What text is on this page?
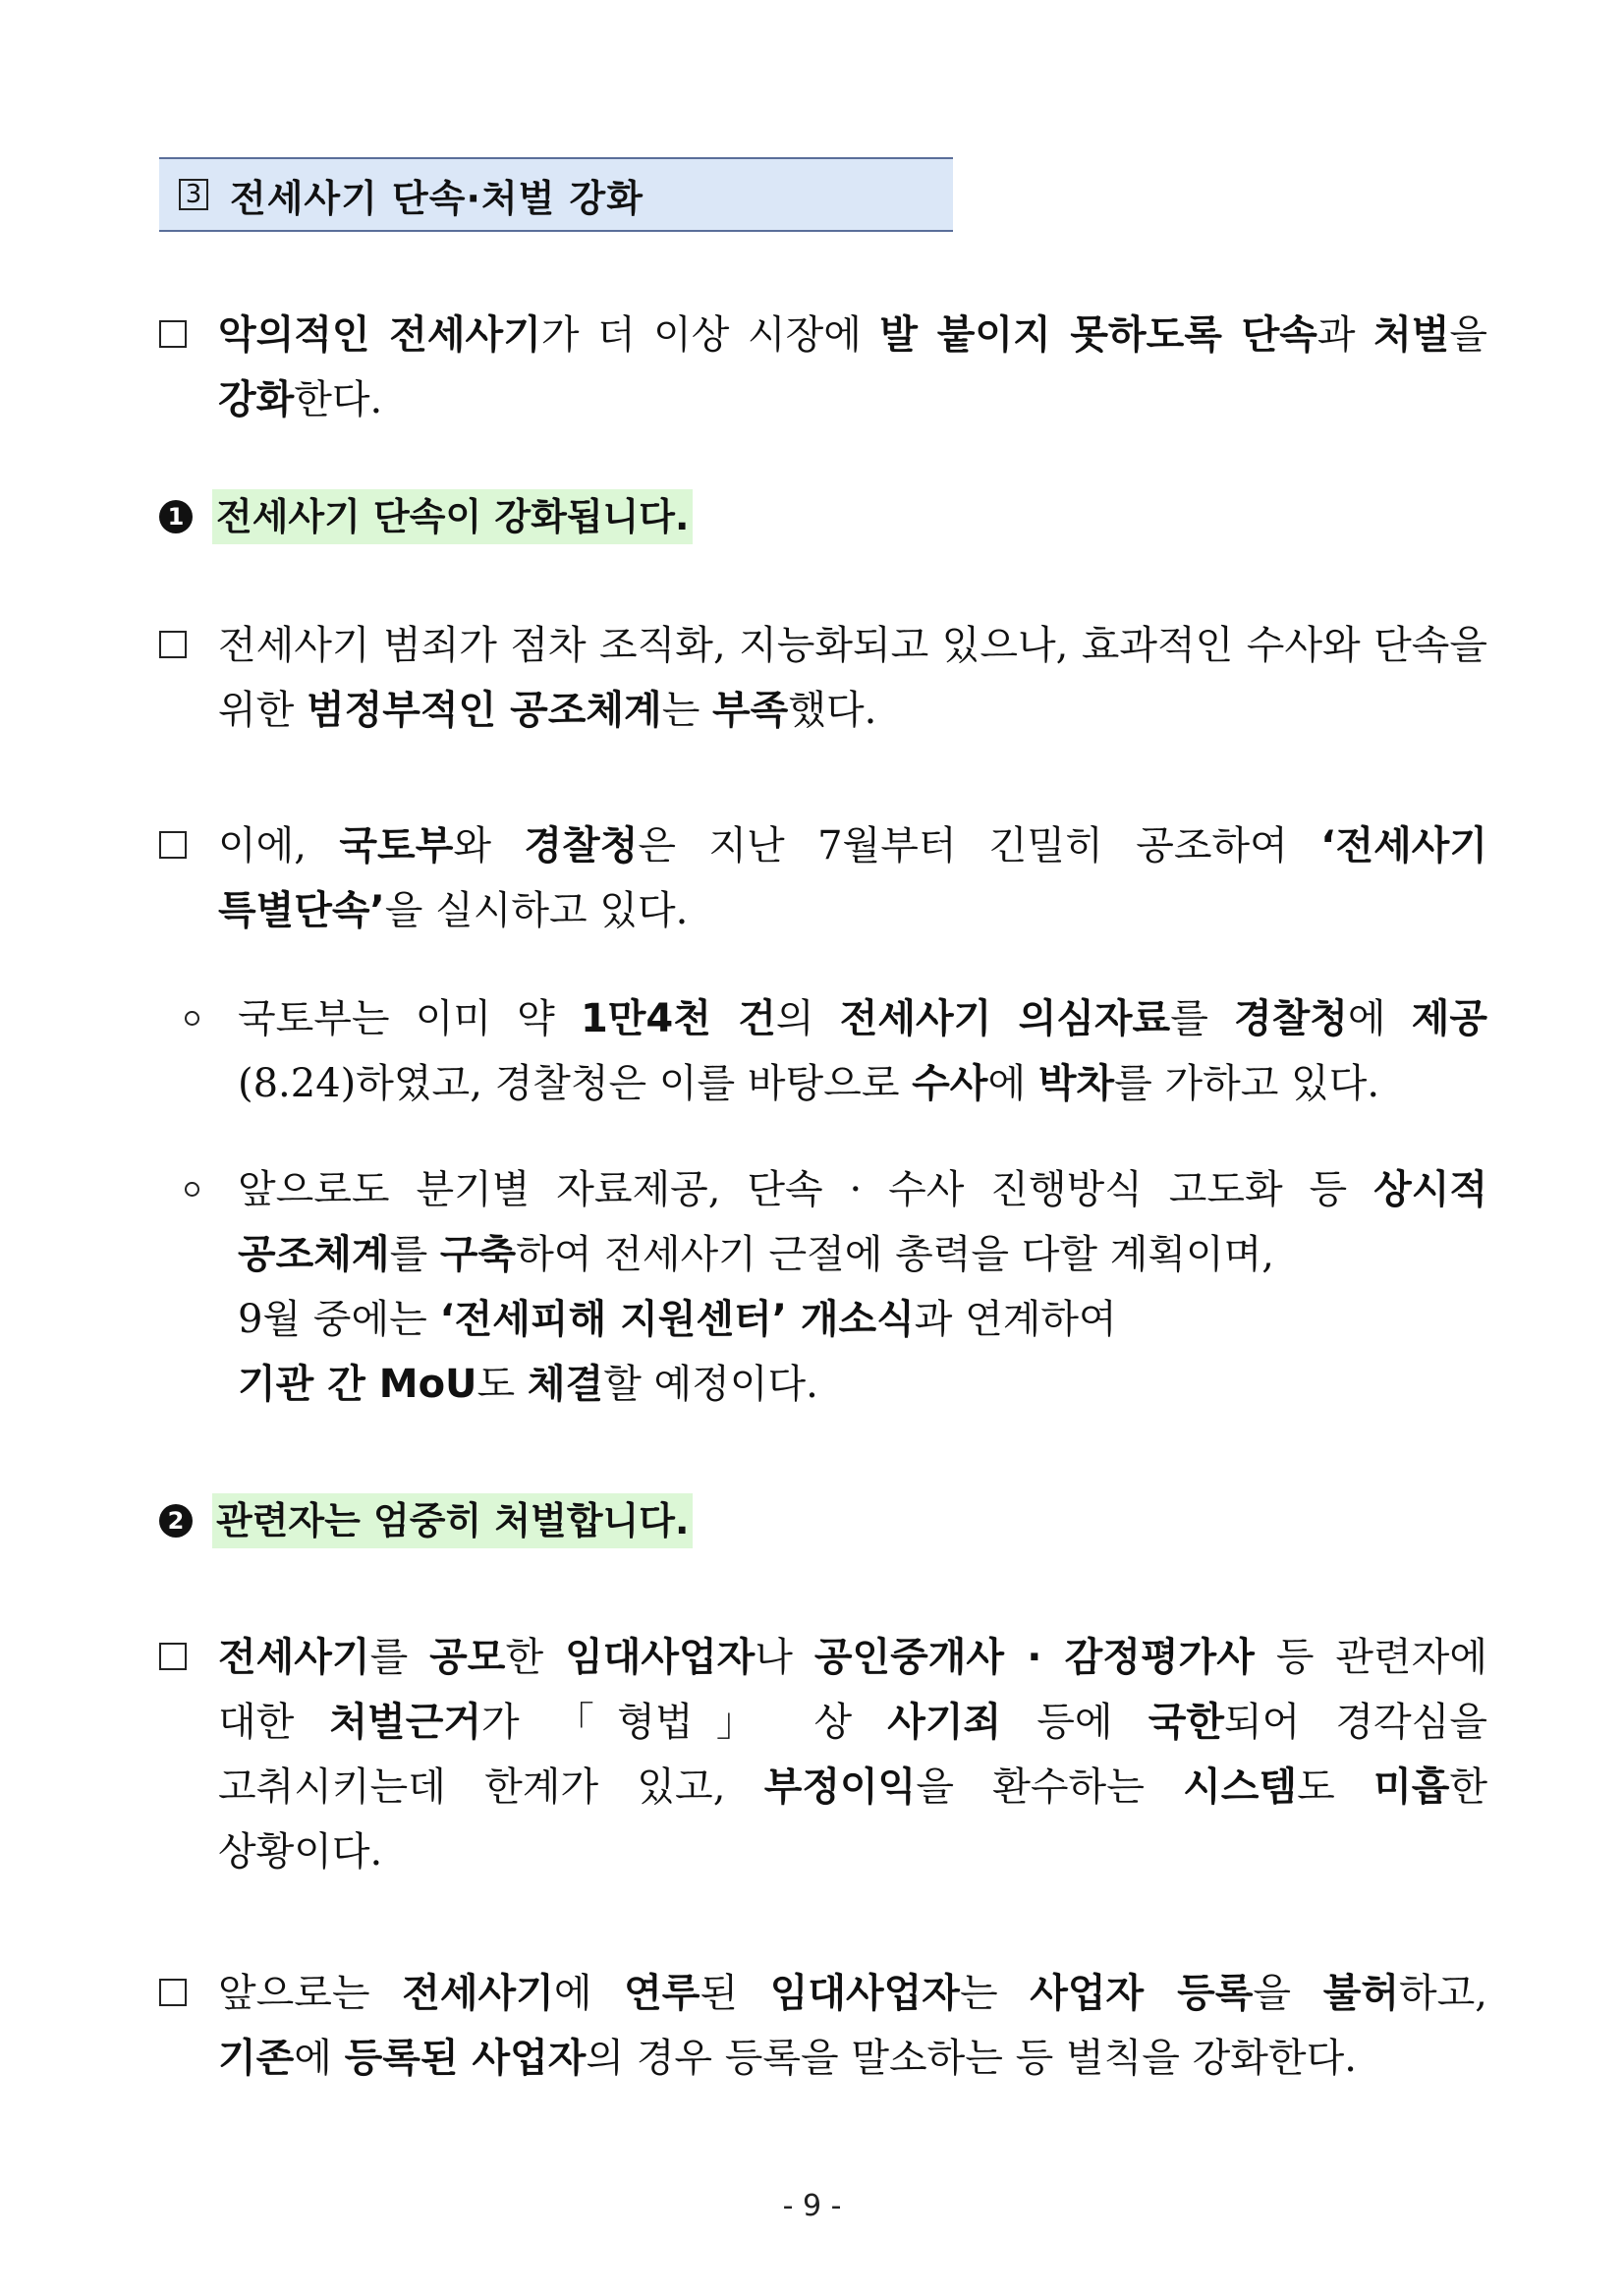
3 전세사기 단속·처벌 강화
악의적인 전세사기가 더 이상 시장에 발 붙이지 못하도록 단속과 처벌을 강화한다.
1 전세사기 단속이 강화됩니다.
전세사기 범죄가 점차 조직화, 지능화되고 있으나, 효과적인 수사와 단속을 위한 범정부적인 공조체계는 부족했다.
이에, 국토부와 경찰청은 지난 7월부터 긴밀히 공조하여 ‘전세사기 특별단속’을 실시하고 있다.
국토부는 이미 약 1만4천 건의 전세사기 의심자료를 경찰청에 제공(8.24)하였고, 경찰청은 이를 바탕으로 수사에 박차를 가하고 있다.
앞으로도 분기별 자료제공, 단속 · 수사 진행방식 고도화 등 상시적 공조체계를 구축하여 전세사기 근절에 총력을 다할 계획이며,
9월 중에는 ‘전세피해 지원센터’ 개소식과 연계하여
기관 간 MoU도 체결할 예정이다.
2 관련자는 엄중히 처벌합니다.
전세사기를 공모한 임대사업자나 공인중개사 · 감정평가사 등 관련자에 대한 처벌근거가 「형법」 상 사기죄 등에 국한되어 경각심을 고취시키는데 한계가 있고, 부정이익을 환수하는 시스템도 미흡한 상황이다.
앞으로는 전세사기에 연루된 임대사업자는 사업자 등록을 불허하고, 기존에 등록된 사업자의 경우 등록을 말소하는 등 벌칙을 강화한다.
- 9 -
